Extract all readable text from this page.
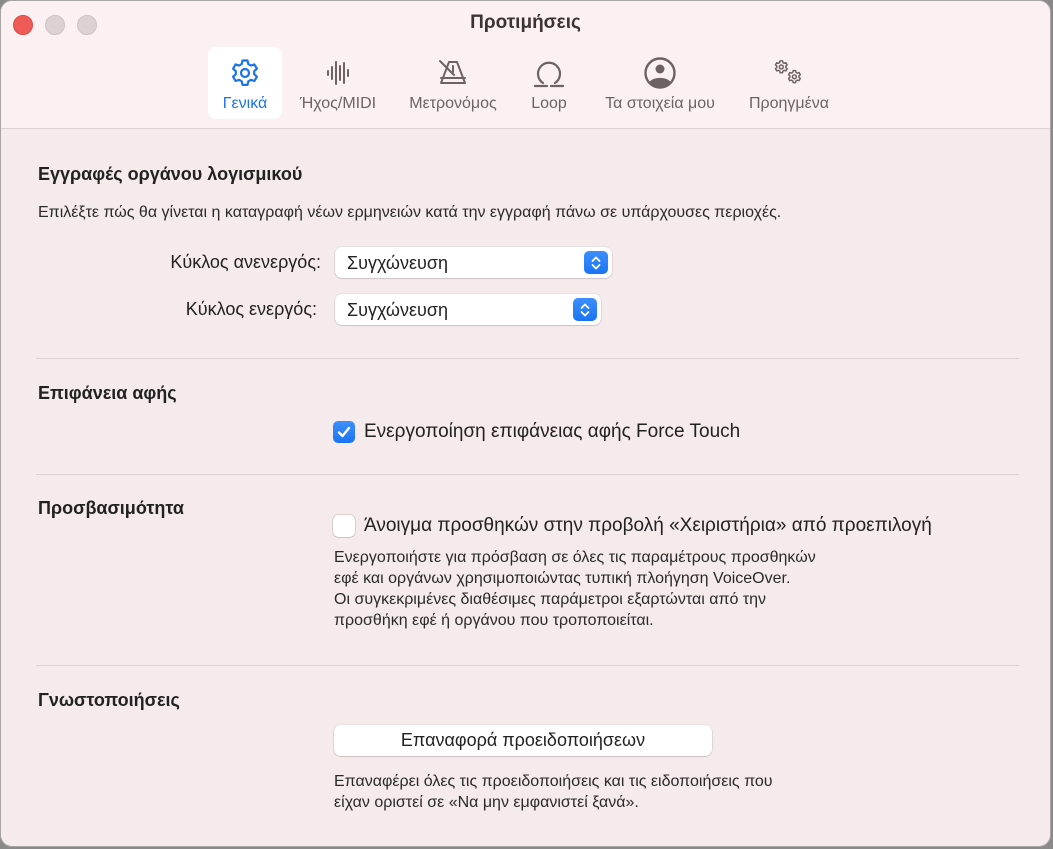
Προτιμήσεις
Γενικά Ήχος/MIDI Μετρονόμος Loop Τα στοιχεία μου Προηγμένα
Εγγραφές οργάνου λογισμικού
Επιλέξτε πώς θα γίνεται η καταγραφή νέων ερμηνειών κατά την εγγραφή πάνω σε υπάρχουσες περιοχές.
Κύκλος ανενεργός:	Συγχώνευση
Κύκλος ενεργός:	Συγχώνευση
Επιφάνεια αφής
Ενεργοποίηση επιφάνειας αφής Force Touch
Προσβασιμότητα
Άνοιγμα προσθηκών στην προβολή «Χειριστήρια» από προεπιλογή
Ενεργοποιήστε για πρόσβαση σε όλες τις παραμέτρους προσθηκών
εφέ και οργάνων χρησιμοποιώντας τυπική πλοήγηση VoiceOver.
Οι συγκεκριμένες διαθέσιμες παράμετροι εξαρτώνται από την
προσθήκη εφέ ή οργάνου που τροποποιείται.
Γνωστοποιήσεις
Επαναφορά προειδοποιήσεων
Επαναφέρει όλες τις προειδοποιήσεις και τις ειδοποιήσεις που
είχαν οριστεί σε «Να μην εμφανιστεί ξανά».
